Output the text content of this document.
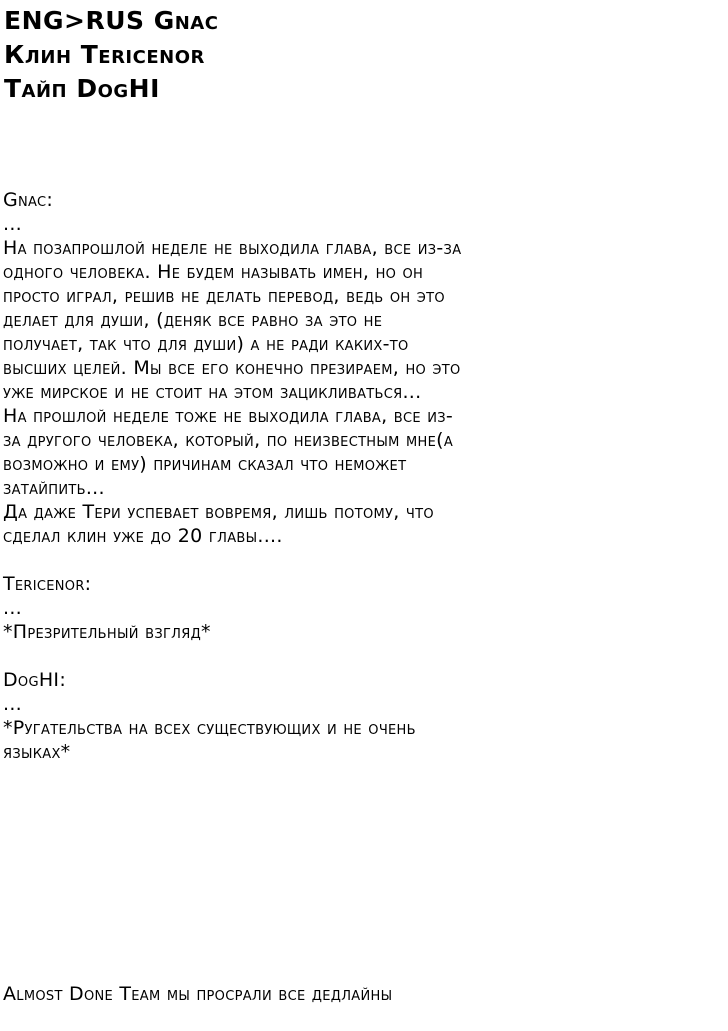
ENG>RUS Gnac
Клин Tericenor
Тайп DogHI
Gnac:
...
На позапрошлой неделе не выходила глава, все из-за
одного человека. Не будем называть имен, но он
просто играл, решив не делать перевод, ведь он это
делает для души, (деняк все равно за это не
получает, так что для души) а не ради каких-то
высших целей. Мы все его конечно презираем, но это
уже мирское и не стоит на этом зацикливаться...
На прошлой неделе тоже не выходила глава, все из-
за другого человека, который, по неизвестным мне(а
возможно и ему) причинам сказал что неможет
затайпить...
Да даже Тери успевает вовремя, лишь потому, что
сделал клин уже до 20 главы....
Tericenor:
...
*Презрительный взгляд*
DogHI:
...
*Ругательства на всех существующих и не очень
языках*
Almost Done Team мы просрали все дедлайны
